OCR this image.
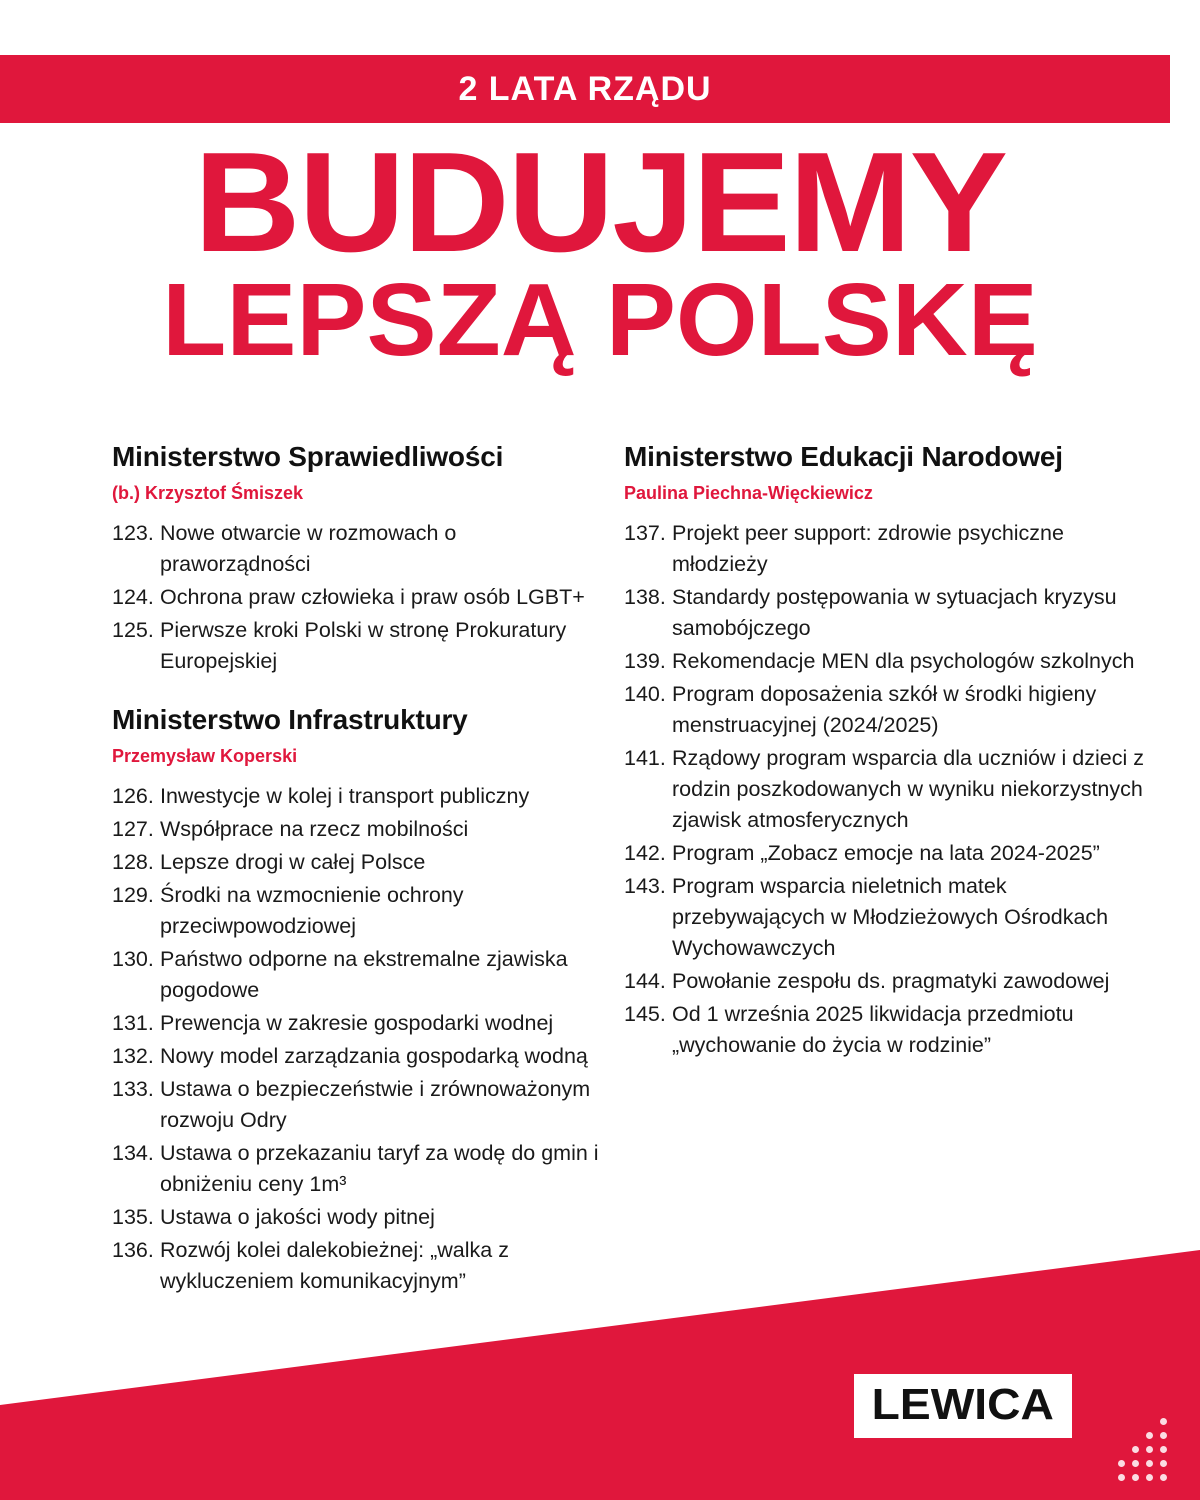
2 LATA RZĄDU
BUDUJEMY
LEPSZĄ POLSKĘ
Ministerstwo Sprawiedliwości
(b.) Krzysztof Śmiszek
123. Nowe otwarcie w rozmowach o praworządności
124. Ochrona praw człowieka i praw osób LGBT+
125. Pierwsze kroki Polski w stronę Prokuratury Europejskiej
Ministerstwo Infrastruktury
Przemysław Koperski
126. Inwestycje w kolej i transport publiczny
127. Współprace na rzecz mobilności
128. Lepsze drogi w całej Polsce
129. Środki na wzmocnienie ochrony przeciwpowodziowej
130. Państwo odporne na ekstremalne zjawiska pogodowe
131. Prewencja w zakresie gospodarki wodnej
132. Nowy model zarządzania gospodarką wodną
133. Ustawa o bezpieczeństwie i zrównoważonym rozwoju Odry
134. Ustawa o przekazaniu taryf za wodę do gmin i obniżeniu ceny 1m³
135. Ustawa o jakości wody pitnej
136. Rozwój kolei dalekobieżnej: „walka z wykluczeniem komunikacyjnym”
Ministerstwo Edukacji Narodowej
Paulina Piechna-Więckiewicz
137. Projekt peer support: zdrowie psychiczne młodzieży
138. Standardy postępowania w sytuacjach kryzysu samobójczego
139. Rekomendacje MEN dla psychologów szkolnych
140. Program doposażenia szkół w środki higieny menstruacyjnej (2024/2025)
141. Rządowy program wsparcia dla uczniów i dzieci z rodzin poszkodowanych w wyniku niekorzystnych zjawisk atmosferycznych
142. Program „Zobacz emocje na lata 2024-2025”
143. Program wsparcia nieletnich matek przebywających w Młodzieżowych Ośrodkach Wychowawczych
144. Powołanie zespołu ds. pragmatyki zawodowej
145. Od 1 września 2025 likwidacja przedmiotu „wychowanie do życia w rodzinie”
LEWICA
